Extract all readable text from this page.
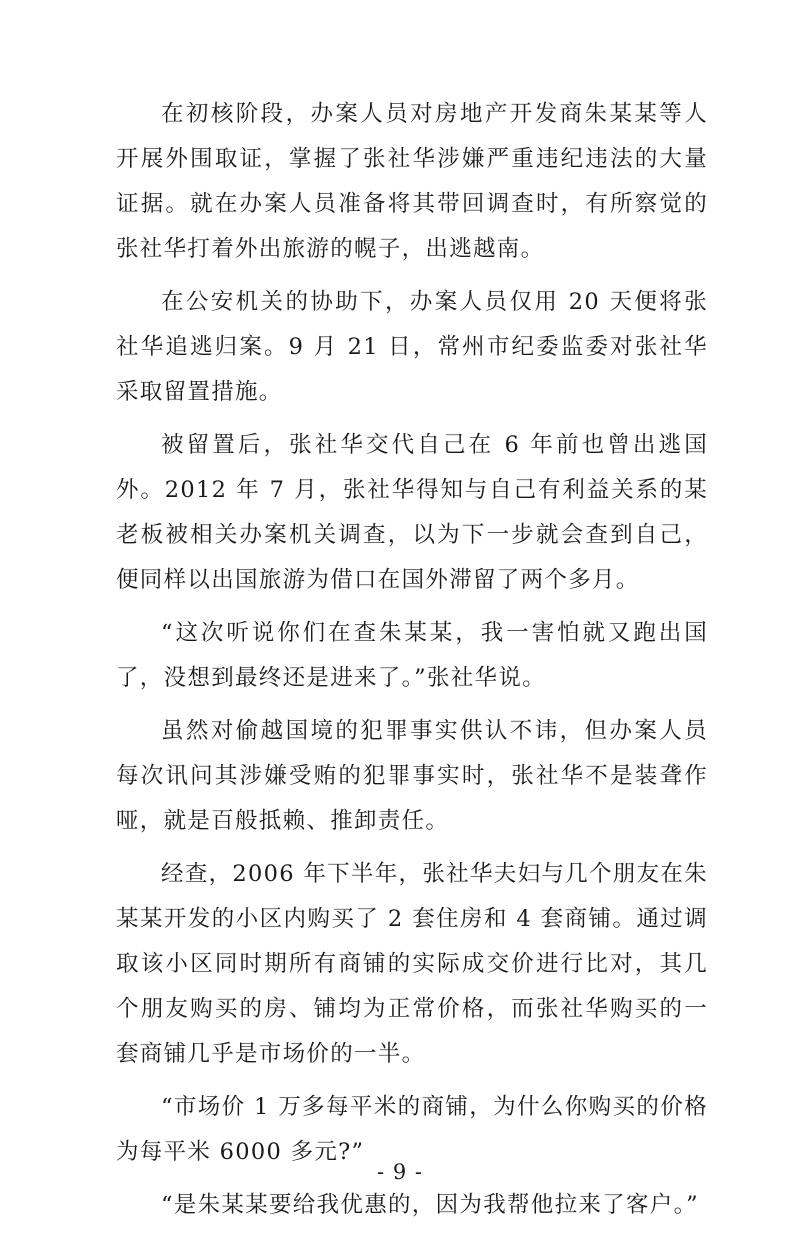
在初核阶段，办案人员对房地产开发商朱某某等人开展外围取证，掌握了张社华涉嫌严重违纪违法的大量证据。就在办案人员准备将其带回调查时，有所察觉的张社华打着外出旅游的幌子，出逃越南。

在公安机关的协助下，办案人员仅用 20 天便将张社华追逃归案。9 月 21 日，常州市纪委监委对张社华采取留置措施。

被留置后，张社华交代自己在 6 年前也曾出逃国外。2012 年 7 月，张社华得知与自己有利益关系的某老板被相关办案机关调查，以为下一步就会查到自己，便同样以出国旅游为借口在国外滞留了两个多月。

“这次听说你们在查朱某某，我一害怕就又跑出国了，没想到最终还是进来了。”张社华说。

虽然对偷越国境的犯罪事实供认不讳，但办案人员每次讯问其涉嫌受贿的犯罪事实时，张社华不是装聋作哑，就是百般抵赖、推卸责任。

经查，2006 年下半年，张社华夫妇与几个朋友在朱某某开发的小区内购买了 2 套住房和 4 套商铺。通过调取该小区同时期所有商铺的实际成交价进行比对，其几个朋友购买的房、铺均为正常价格，而张社华购买的一套商铺几乎是市场价的一半。

“市场价 1 万多每平米的商铺，为什么你购买的价格为每平米 6000 多元?”

“是朱某某要给我优惠的，因为我帮他拉来了客户。”

- 9 -
